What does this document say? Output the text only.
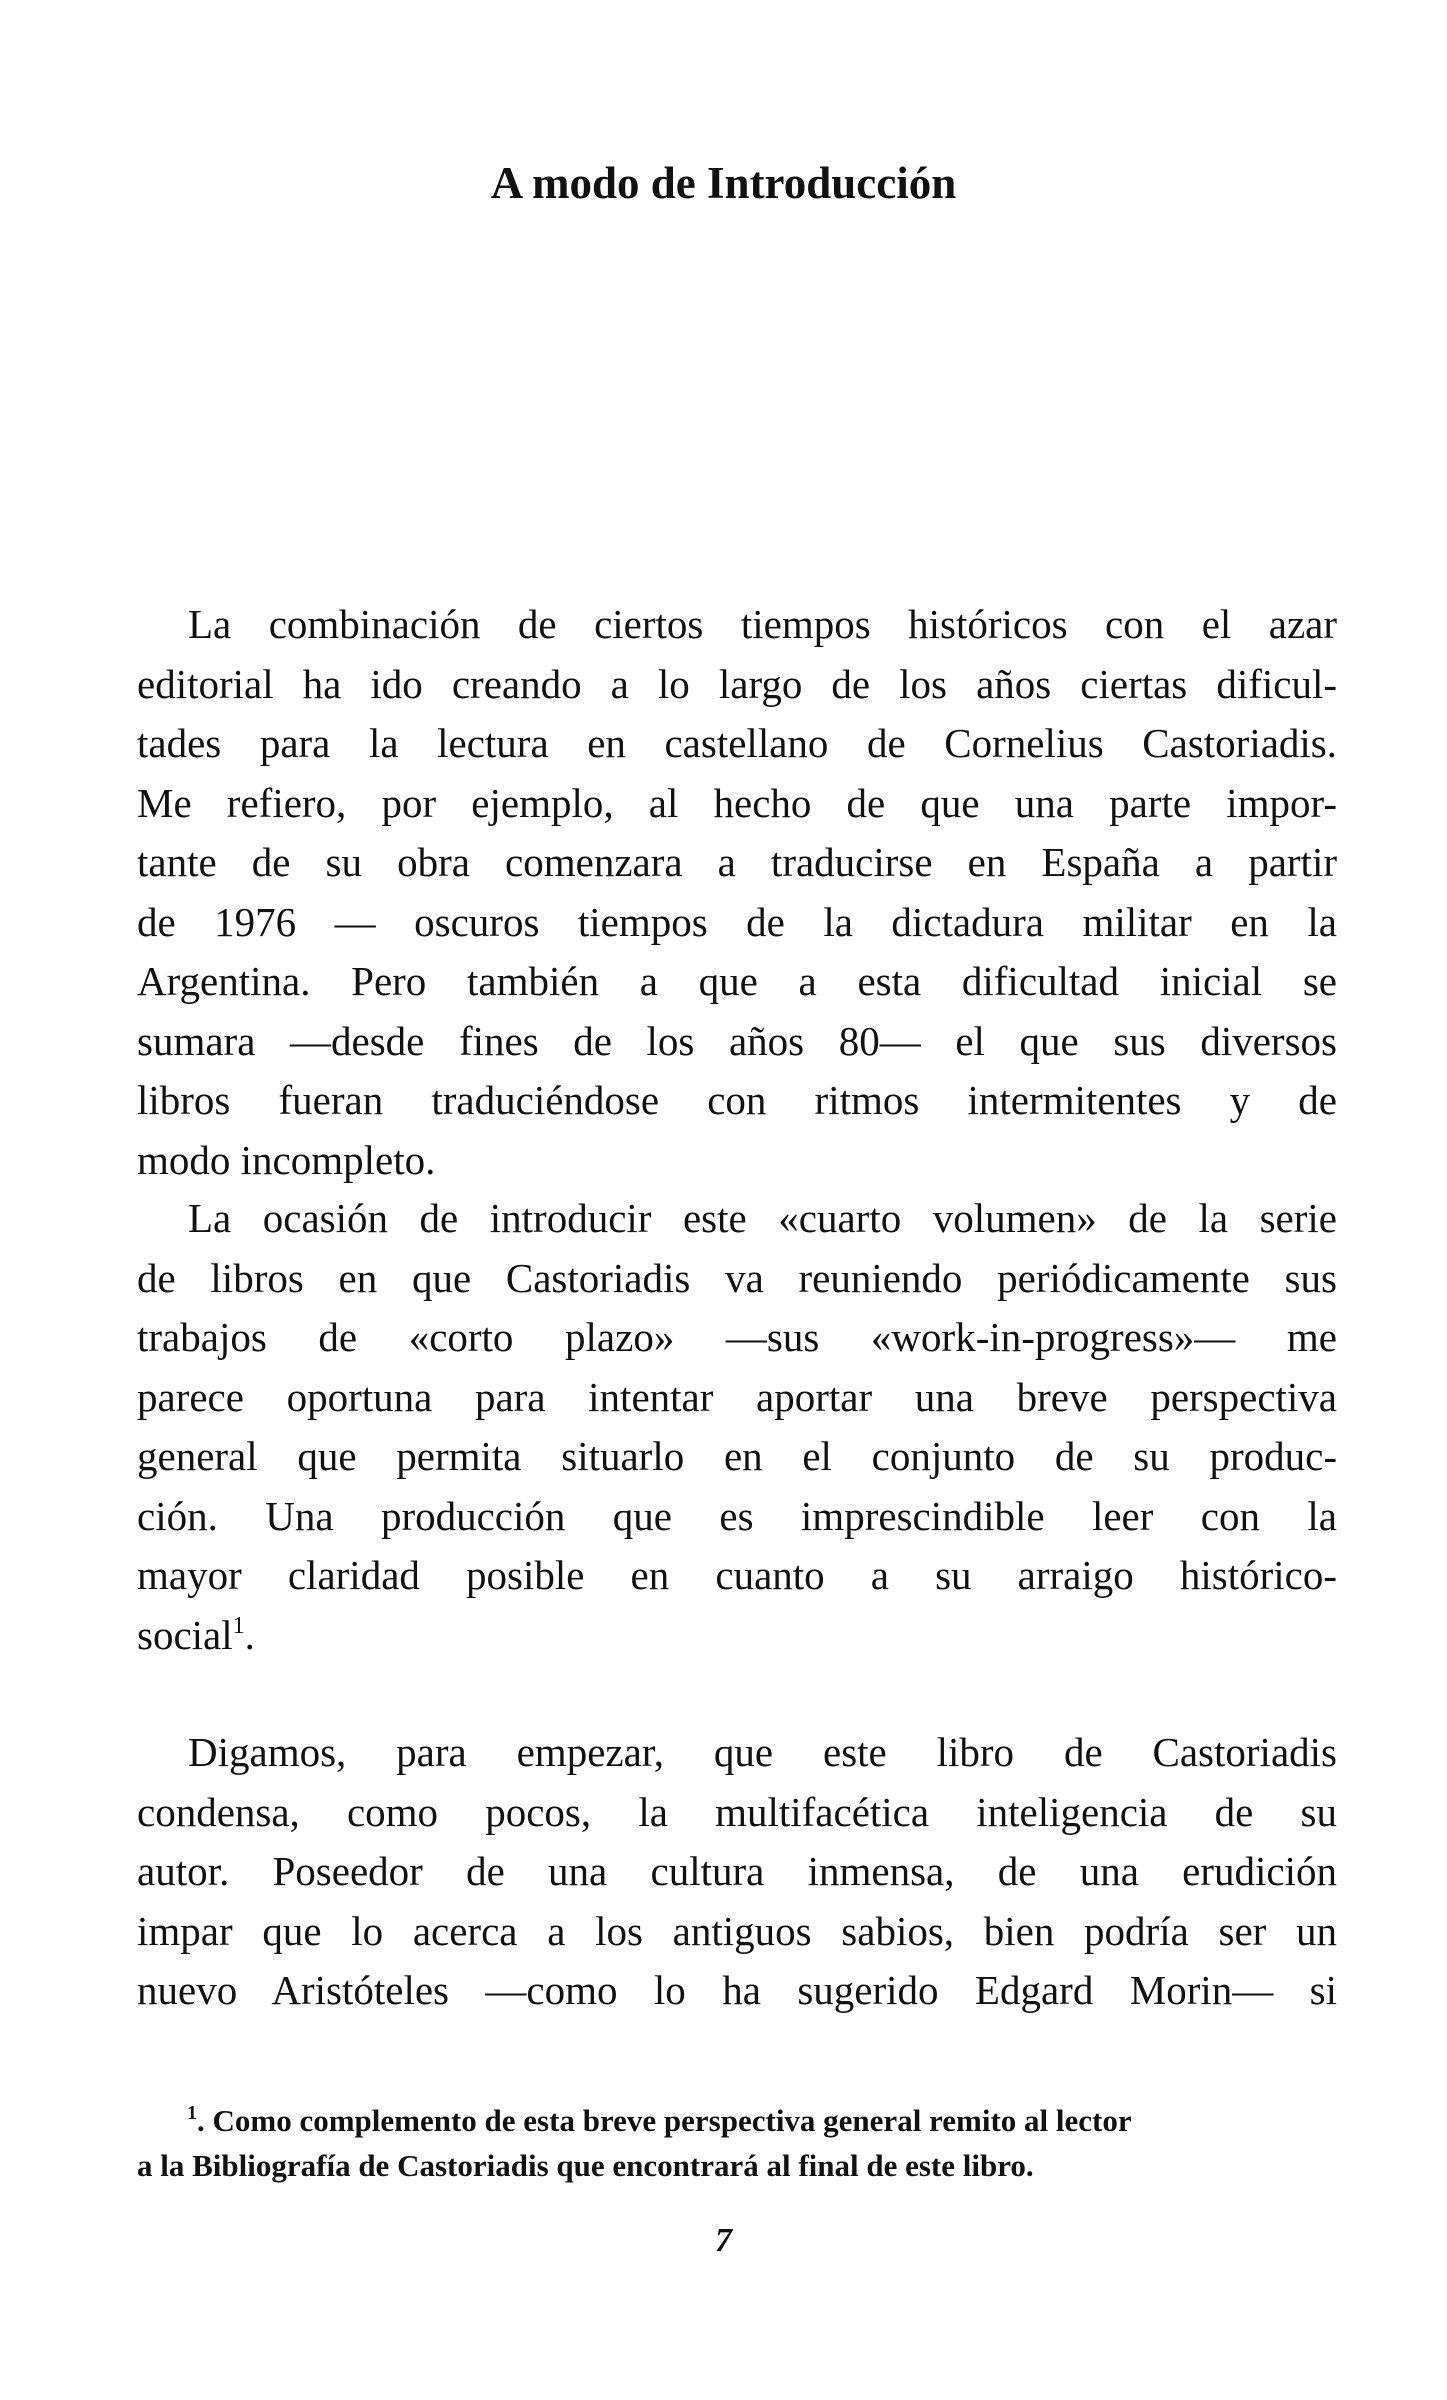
A modo de Introducción
La combinación de ciertos tiempos históricos con el azar
editorial ha ido creando a lo largo de los años ciertas dificul-
tades para la lectura en castellano de Cornelius Castoriadis.
Me refiero, por ejemplo, al hecho de que una parte impor-
tante de su obra comenzara a traducirse en España a partir
de 1976 — oscuros tiempos de la dictadura militar en la
Argentina. Pero también a que a esta dificultad inicial se
sumara —desde fines de los años 80— el que sus diversos
libros fueran traduciéndose con ritmos intermitentes y de
modo incompleto.
La ocasión de introducir este «cuarto volumen» de la serie
de libros en que Castoriadis va reuniendo periódicamente sus
trabajos de «corto plazo» —sus «work-in-progress»— me
parece oportuna para intentar aportar una breve perspectiva
general que permita situarlo en el conjunto de su produc-
ción. Una producción que es imprescindible leer con la
mayor claridad posible en cuanto a su arraigo histórico-
social$^1$.
Digamos, para empezar, que este libro de Castoriadis
condensa, como pocos, la multifacética inteligencia de su
autor. Poseedor de una cultura inmensa, de una erudición
impar que lo acerca a los antiguos sabios, bien podría ser un
nuevo Aristóteles —como lo ha sugerido Edgard Morin— si
$^1$. Como complemento de esta breve perspectiva general remito al lector
a la Bibliografía de Castoriadis que encontrará al final de este libro.
7
